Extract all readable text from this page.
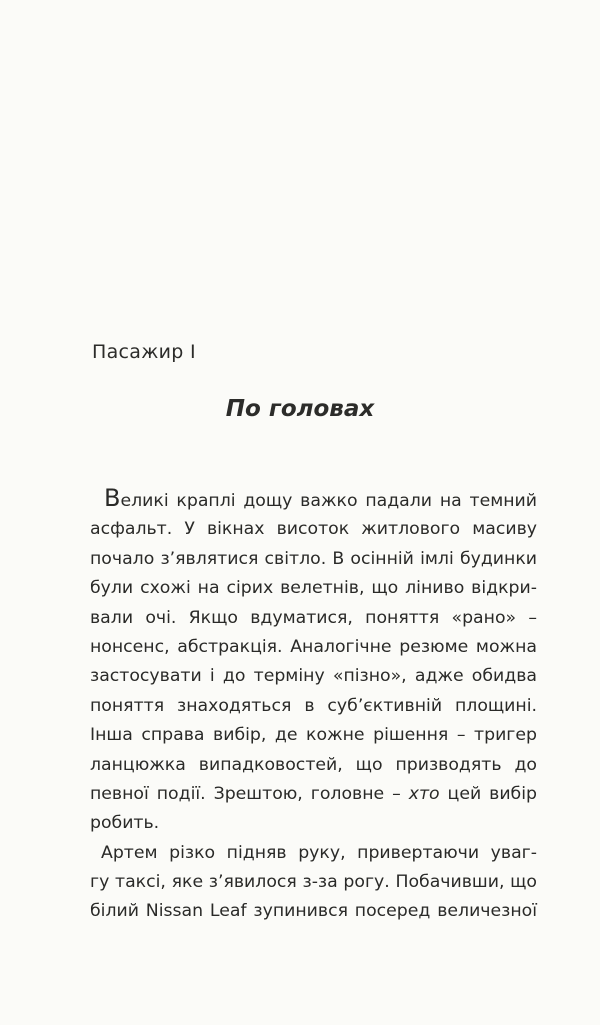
Пасажир I
По головах
Великі краплі дощу важко падали на темний
асфальт. У вікнах висоток житлового масиву
почало з’являтися світло. В осінній імлі будинки
були схожі на сірих велетнів, що ліниво відкри-
вали очі. Якщо вдуматися, поняття «рано» –
нонсенс, абстракція. Аналогічне резюме можна
застосувати і до терміну «пізно», адже обидва
поняття знаходяться в суб’єктивній площині.
Інша справа вибір, де кожне рішення – тригер
ланцюжка випадковостей, що призводять до
певної події. Зрештою, головне – хто цей вибір
робить.
Артем різко підняв руку, привертаючи уваг-
гу таксі, яке з’явилося з-за рогу. Побачивши, що
білий Nissan Leaf зупинився посеред величезної
